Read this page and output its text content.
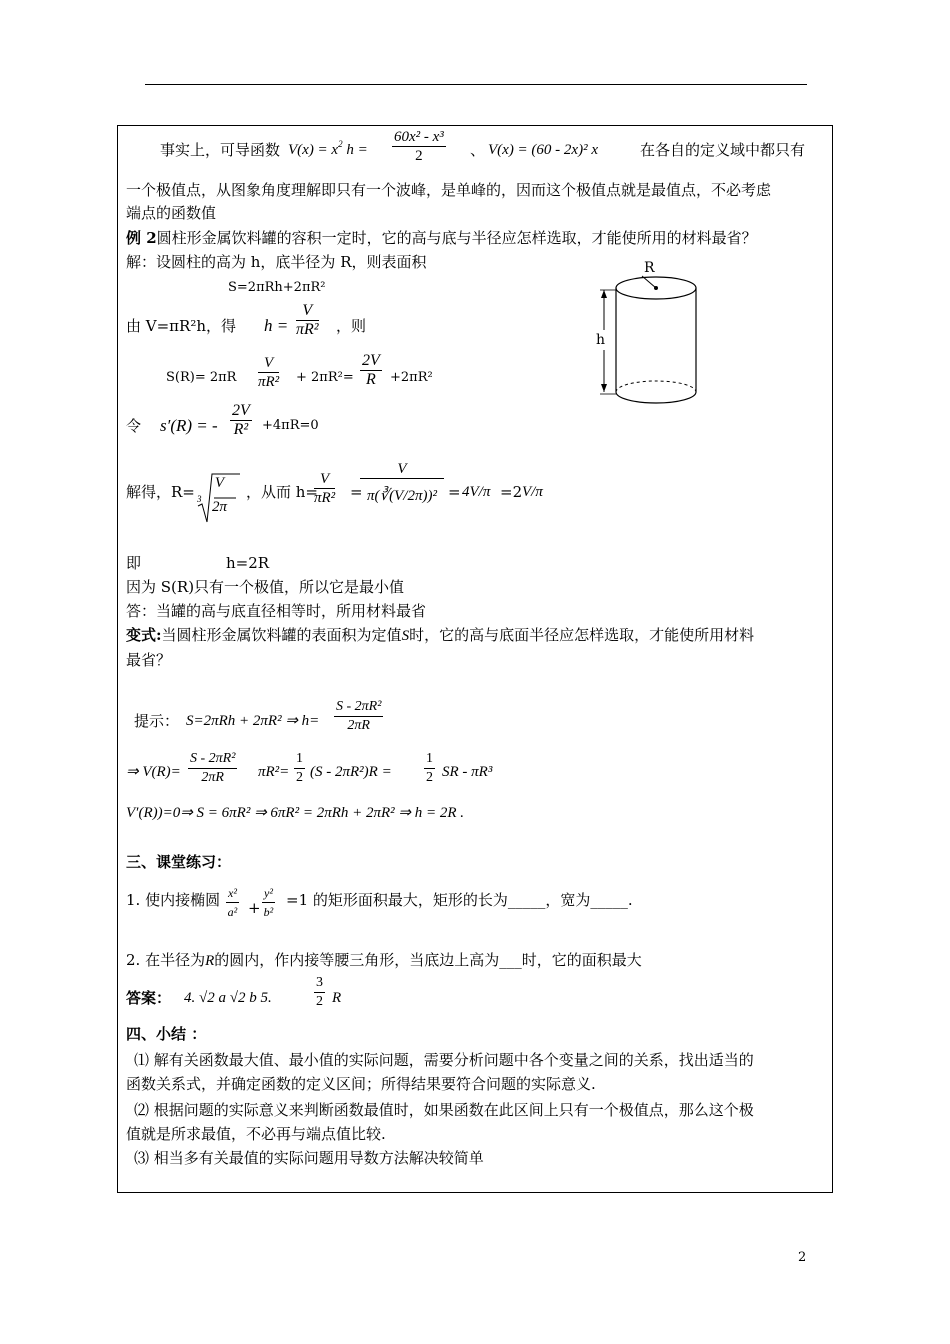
事实上，可导函数 $V(x) = x^2$ $h = \frac{\text{60x² - x³}}{2}$ 、 V(x) = (60 - 2x)² x	在各自的定义域中都只有
一个极值点，从图象角度理解即只有一个波峰，是单峰的，因而这个极值点就是最值点，不必考虑
端点的函数值
例 2圆柱形金属饮料罐的容积一定时，它的高与底与半径应怎样选取，才能使所用的材料最省？
解：设圆柱的高为 h，底半径为 R，则表面积
S=2πRh+2πR²
由 V=πR²h，得 $h = \frac{V}{\text{πR²}}$ ，则
$S(R)= 2\pi R \frac{V}{\text{πR²}} + 2\pi R^2= \frac{2V}{R} +2\pi R^2$
令 s′(R) = - $\frac{2V}{\text{R²}} +4\pi R=0$
解得，R= 3
V
2π
，从而 h=
$\frac{V}{\text{πR²}}$ =
$\frac{V}{\text{π(∛(V/2π))²}} = 4V/\pi =2$ V/π
即	h=2R
因为 S(R)只有一个极值，所以它是最小值
答：当罐的高与底直径相等时，所用材料最省
R
h
变式:当圆柱形金属饮料罐的表面积为定值S时，它的高与底面半径应怎样选取，才能使所用材料
最省？
提示： S=2πRh + 2πR² ⇒ $h= \frac{\text{S - 2πR²}}{2\pi R}$
⇒ $V(R)= \frac{\text{S - 2πR²}}{2\pi R} \pi R^2= \frac{1}{2} (S - 2\pi R^2)R = \frac{1}{2}$ SR - πR³
V′(R))=0⇒ S = 6πR² ⇒ 6πR² = 2πRh + 2πR² ⇒ h = 2R .
三、课堂练习：
1. 使内接椭圆 $\frac{\text{x²}}{\text{a²}} + \frac{\text{y²}}{\text{b²}} =1$ 的矩形面积最大，矩形的长为_____，宽为_____.
2. 在半径为R的圆内，作内接等腰三角形，当底边上高为___时，它的面积最大
答案： 4. √2 a √2 b 5.	$\frac{3}{2}$ R
四、小结 ：
⑴ 解有关函数最大值、最小值的实际问题，需要分析问题中各个变量之间的关系，找出适当的
函数关系式，并确定函数的定义区间；所得结果要符合问题的实际意义.
⑵ 根据问题的实际意义来判断函数最值时，如果函数在此区间上只有一个极值点，那么这个极
值就是所求最值，不必再与端点值比较.
⑶ 相当多有关最值的实际问题用导数方法解决较简单
2
